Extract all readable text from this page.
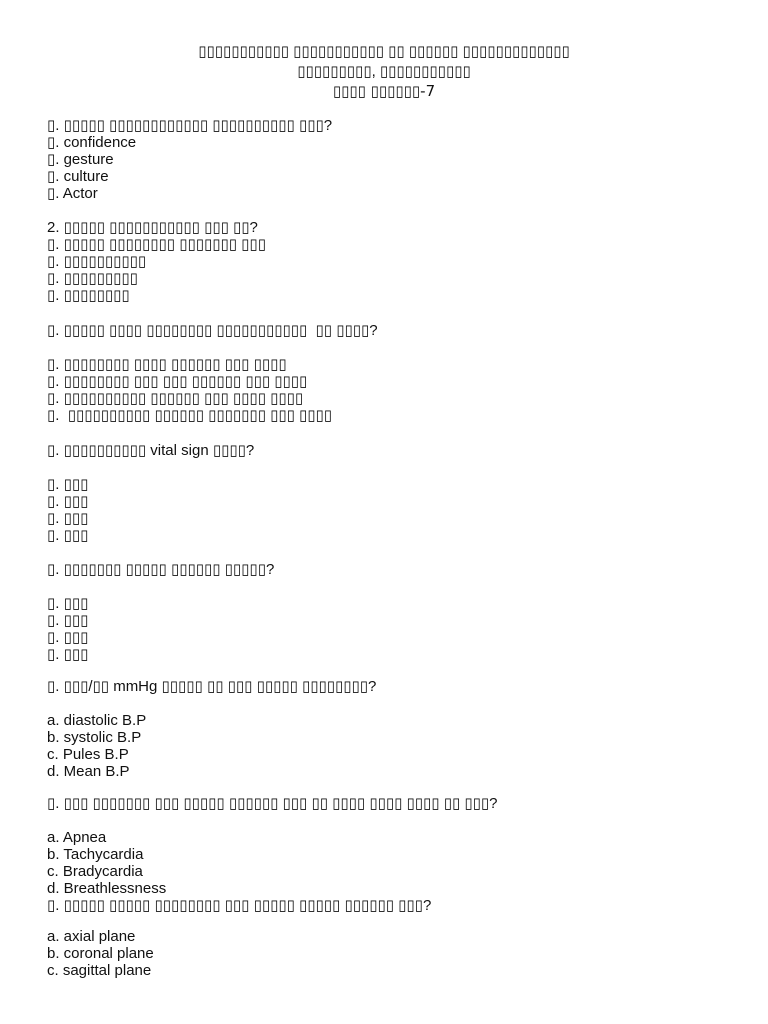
▯▯▯▯▯▯▯▯▯▯▯ ▯▯▯▯▯▯▯▯▯▯▯ ▯▯ ▯▯▯▯▯▯ ▯▯▯▯▯▯▯▯▯▯▯▯▯
▯▯▯▯▯▯▯▯▯, ▯▯▯▯▯▯▯▯▯▯▯
▯▯▯▯ ▯▯▯▯▯▯-7
▯. ▯▯▯▯▯ ▯▯▯▯▯▯▯▯▯▯▯▯ ▯▯▯▯▯▯▯▯▯▯ ▯▯▯?
▯. confidence
▯. gesture
▯. culture
▯. Actor
2. ▯▯▯▯▯ ▯▯▯▯▯▯▯▯▯▯▯ ▯▯▯ ▯▯?
▯. ▯▯▯▯▯ ▯▯▯▯▯▯▯▯ ▯▯▯▯▯▯▯ ▯▯▯
▯. ▯▯▯▯▯▯▯▯▯▯
▯. ▯▯▯▯▯▯▯▯▯
▯. ▯▯▯▯▯▯▯▯
▯. ▯▯▯▯▯ ▯▯▯▯ ▯▯▯▯▯▯▯▯ ▯▯▯▯▯▯▯▯▯▯▯  ▯▯ ▯▯▯▯?
▯. ▯▯▯▯▯▯▯▯ ▯▯▯▯ ▯▯▯▯▯▯ ▯▯▯ ▯▯▯▯
▯. ▯▯▯▯▯▯▯▯ ▯▯▯ ▯▯▯ ▯▯▯▯▯▯ ▯▯▯ ▯▯▯▯
▯. ▯▯▯▯▯▯▯▯▯▯ ▯▯▯▯▯▯ ▯▯▯ ▯▯▯▯ ▯▯▯▯
▯.  ▯▯▯▯▯▯▯▯▯▯ ▯▯▯▯▯▯ ▯▯▯▯▯▯▯ ▯▯▯ ▯▯▯▯
▯. ▯▯▯▯▯▯▯▯▯▯ vital sign ▯▯▯▯?
▯. ▯▯▯
▯. ▯▯▯
▯. ▯▯▯
▯. ▯▯▯
▯. ▯▯▯▯▯▯▯ ▯▯▯▯▯ ▯▯▯▯▯▯ ▯▯▯▯▯?
▯. ▯▯▯
▯. ▯▯▯
▯. ▯▯▯
▯. ▯▯▯
▯. ▯▯▯/▯▯ mmHg ▯▯▯▯▯ ▯▯ ▯▯▯ ▯▯▯▯▯ ▯▯▯▯▯▯▯▯?
a. diastolic B.P
b. systolic B.P
c. Pules B.P
d. Mean B.P
▯. ▯▯▯ ▯▯▯▯▯▯▯ ▯▯▯ ▯▯▯▯▯ ▯▯▯▯▯▯ ▯▯▯ ▯▯ ▯▯▯▯ ▯▯▯▯ ▯▯▯▯ ▯▯ ▯▯▯?
a. Apnea
b. Tachycardia
c. Bradycardia
d. Breathlessness
▯. ▯▯▯▯▯ ▯▯▯▯▯ ▯▯▯▯▯▯▯▯ ▯▯▯ ▯▯▯▯▯ ▯▯▯▯▯ ▯▯▯▯▯▯ ▯▯▯?
a. axial plane
b. coronal plane
c. sagittal plane
